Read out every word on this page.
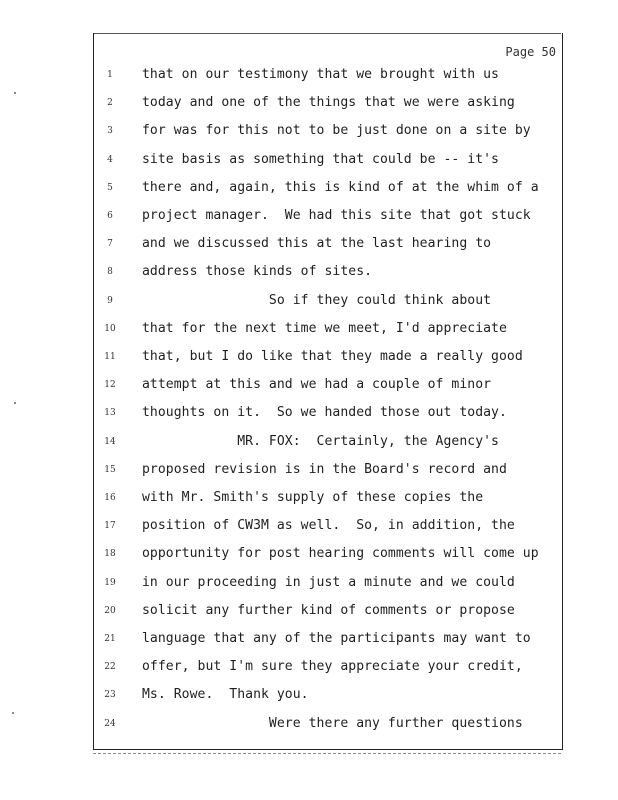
Page 50
1	that on our testimony that we brought with us
2	today and one of the things that we were asking
3	for was for this not to be just done on a site by
4	site basis as something that could be -- it's
5	there and, again, this is kind of at the whim of a
6	project manager.  We had this site that got stuck
7	and we discussed this at the last hearing to
8	address those kinds of sites.
9	So if they could think about
10	that for the next time we meet, I'd appreciate
11	that, but I do like that they made a really good
12	attempt at this and we had a couple of minor
13	thoughts on it.  So we handed those out today.
14	MR. FOX:  Certainly, the Agency's
15	proposed revision is in the Board's record and
16	with Mr. Smith's supply of these copies the
17	position of CW3M as well.  So, in addition, the
18	opportunity for post hearing comments will come up
19	in our proceeding in just a minute and we could
20	solicit any further kind of comments or propose
21	language that any of the participants may want to
22	offer, but I'm sure they appreciate your credit,
23	Ms. Rowe.  Thank you.
24	Were there any further questions
